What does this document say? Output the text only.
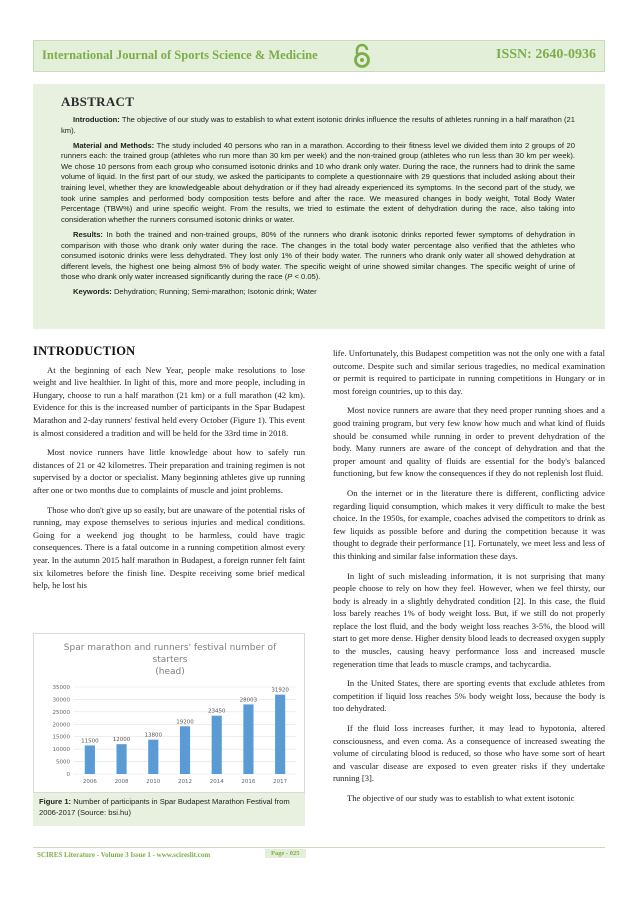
International Journal of Sports Science & Medicine	ISSN: 2640-0936
ABSTRACT

Introduction: The objective of our study was to establish to what extent isotonic drinks influence the results of athletes running in a half marathon (21 km).

Material and Methods: The study included 40 persons who ran in a marathon. According to their fitness level we divided them into 2 groups of 20 runners each: the trained group (athletes who run more than 30 km per week) and the non-trained group (athletes who run less than 30 km per week). We chose 10 persons from each group who consumed isotonic drinks and 10 who drank only water. During the race, the runners had to drink the same volume of liquid. In the first part of our study, we asked the participants to complete a questionnaire with 29 questions that included asking about their training level, whether they are knowledgeable about dehydration or if they had already experienced its symptoms. In the second part of the study, we took urine samples and performed body composition tests before and after the race. We measured changes in body weight, Total Body Water Percentage (TBW%) and urine specific weight. From the results, we tried to estimate the extent of dehydration during the race, also taking into consideration whether the runners consumed isotonic drinks or water.

Results: In both the trained and non-trained groups, 80% of the runners who drank isotonic drinks reported fewer symptoms of dehydration in comparison with those who drank only water during the race. The changes in the total body water percentage also verified that the athletes who consumed isotonic drinks were less dehydrated. They lost only 1% of their body water. The runners who drank only water all showed dehydration at different levels, the highest one being almost 5% of body water. The specific weight of urine showed similar changes. The specific weight of urine of those who drank only water increased significantly during the race (P < 0.05).

Keywords: Dehydration; Running; Semi-marathon; Isotonic drink; Water

INTRODUCTION

At the beginning of each New Year, people make resolutions to lose weight and live healthier. In light of this, more and more people, including in Hungary, choose to run a half marathon (21 km) or a full marathon (42 km). Evidence for this is the increased number of participants in the Spar Budapest Marathon and 2-day runners' festival held every October (Figure 1). This event is almost considered a tradition and will be held for the 33rd time in 2018.

Most novice runners have little knowledge about how to safely run distances of 21 or 42 kilometres. Their preparation and training regimen is not supervised by a doctor or specialist. Many beginning athletes give up running after one or two months due to complaints of muscle and joint problems.

Those who don't give up so easily, but are unaware of the potential risks of running, may expose themselves to serious injuries and medical conditions. Going for a weekend jog thought to be harmless, could have tragic consequences. There is a fatal outcome in a running competition almost every year. In the autumn 2015 half marathon in Budapest, a foreign runner felt faint six kilometres before the finish line. Despite receiving some brief medical help, he lost his

Spar marathon and runners' festival number of
starters
(head)
0
5000
10000
15000
20000
25000
30000
35000
11500
2006
12000
2008
13800
2010
19200
2012
23450
2014
28003
2016
31920
2017
Figure 1: Number of participants in Spar Budapest Marathon Festival from 2006-2017 (Source: bsi.hu)

life. Unfortunately, this Budapest competition was not the only one with a fatal outcome. Despite such and similar serious tragedies, no medical examination or permit is required to participate in running competitions in Hungary or in most foreign countries, up to this day.

Most novice runners are aware that they need proper running shoes and a good training program, but very few know how much and what kind of fluids should be consumed while running in order to prevent dehydration of the body. Many runners are aware of the concept of dehydration and that the proper amount and quality of fluids are essential for the body's balanced functioning, but few know the consequences if they do not replenish lost fluid.

On the internet or in the literature there is different, conflicting advice regarding liquid consumption, which makes it very difficult to make the best choice. In the 1950s, for example, coaches advised the competitors to drink as few liquids as possible before and during the competition because it was thought to degrade their performance [1]. Fortunately, we meet less and less of this thinking and similar false information these days.

In light of such misleading information, it is not surprising that many people choose to rely on how they feel. However, when we feel thirsty, our body is already in a slightly dehydrated condition [2]. In this case, the fluid loss barely reaches 1% of body weight loss. But, if we still do not properly replace the lost fluid, and the body weight loss reaches 3-5%, the blood will start to get more dense. Higher density blood leads to decreased oxygen supply to the muscles, causing heavy performance loss and increased muscle regeneration time that leads to muscle cramps, and tachycardia.

In the United States, there are sporting events that exclude athletes from competition if liquid loss reaches 5% body weight loss, because the body is too dehydrated.

If the fluid loss increases further, it may lead to hypotonia, altered consciousness, and even coma. As a consequence of increased sweating the volume of circulating blood is reduced, so those who have some sort of heart and vascular disease are exposed to even greater risks if they undertake running [3].

The objective of our study was to establish to what extent isotonic

SCIRES Literature - Volume 3 Issue 1 - www.scireslit.com	Page - 025
